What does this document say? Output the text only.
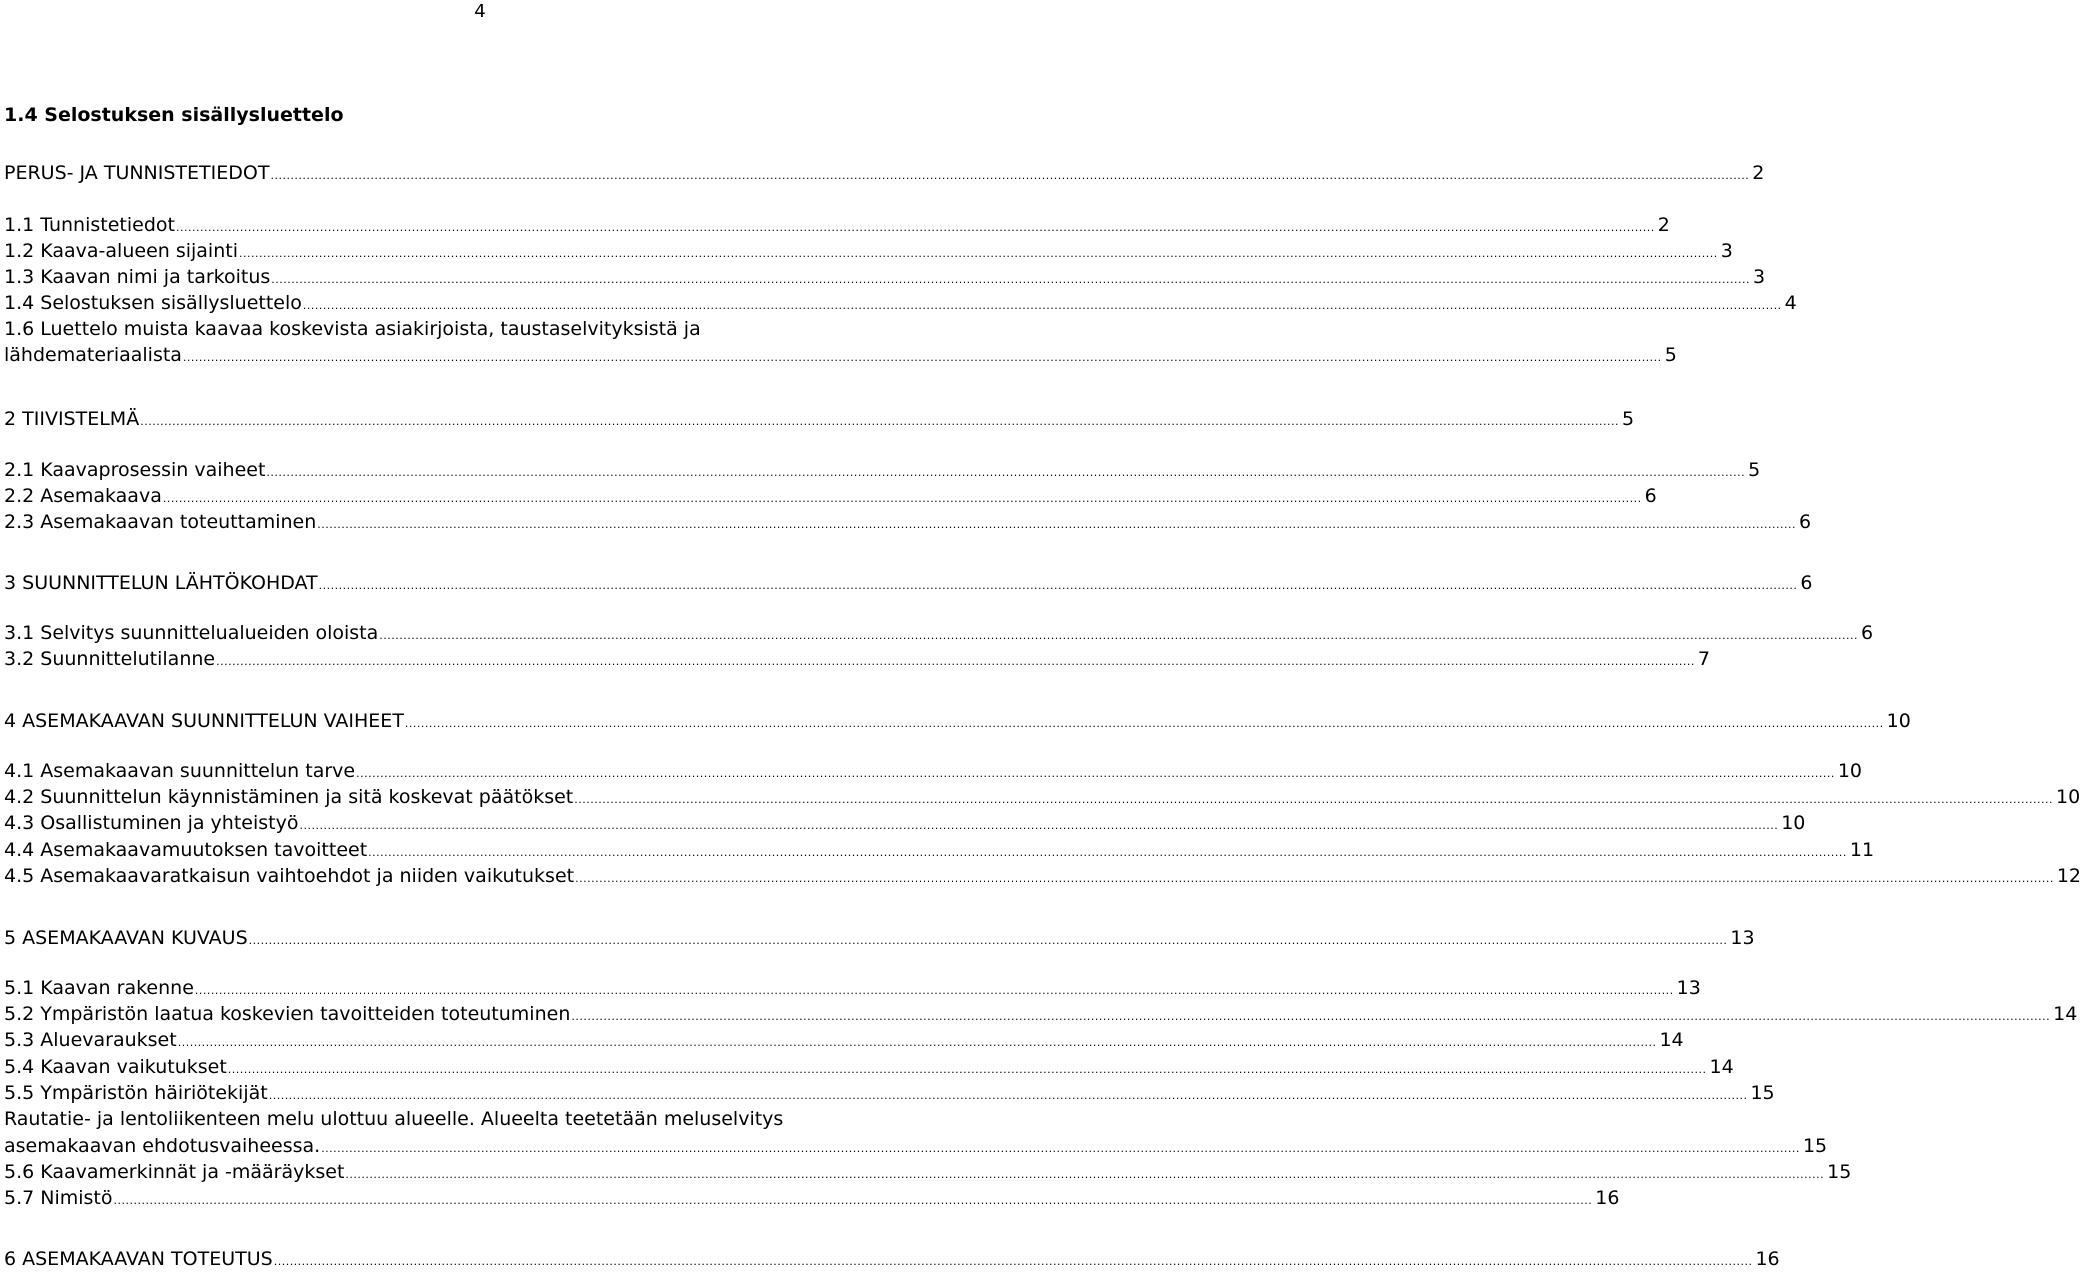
4
1.4 Selostuksen sisällysluettelo
PERUS- JA TUNNISTETIEDOT .....	2
1.1 Tunnistetiedot .....	2
1.2 Kaava-alueen sijainti .....	3
1.3 Kaavan nimi ja tarkoitus .....	3
1.4 Selostuksen sisällysluettelo .....	4
1.6 Luettelo muista kaavaa koskevista asiakirjoista, taustaselvityksistä ja
lähdemateriaalista .....	5
2 TIIVISTELMÄ .....	5
2.1 Kaavaprosessin vaiheet .....	5
2.2 Asemakaava .....	6
2.3 Asemakaavan toteuttaminen .....	6
3 SUUNNITTELUN LÄHTÖKOHDAT .....	6
3.1 Selvitys suunnittelualueiden oloista .....	6
3.2 Suunnittelutilanne .....	7
4 ASEMAKAAVAN SUUNNITTELUN VAIHEET .....	10
4.1 Asemakaavan suunnittelun tarve .....	10
4.2 Suunnittelun käynnistäminen ja sitä koskevat päätökset .....	10
4.3 Osallistuminen ja yhteistyö .....	10
4.4 Asemakaavamuutoksen tavoitteet .....	11
4.5 Asemakaavaratkaisun vaihtoehdot ja niiden vaikutukset .....	12
5 ASEMAKAAVAN KUVAUS .....	13
5.1 Kaavan rakenne .....	13
5.2 Ympäristön laatua koskevien tavoitteiden toteutuminen .....	14
5.3 Aluevaraukset .....	14
5.4 Kaavan vaikutukset .....	14
5.5 Ympäristön häiriötekijät .....	15
Rautatie- ja lentoliikenteen melu ulottuu alueelle. Alueelta teetetään meluselvitys
asemakaavan ehdotusvaiheessa. .....	15
5.6 Kaavamerkinnät ja -määräykset .....	15
5.7 Nimistö .....	16
6 ASEMAKAAVAN TOTEUTUS .....	16
